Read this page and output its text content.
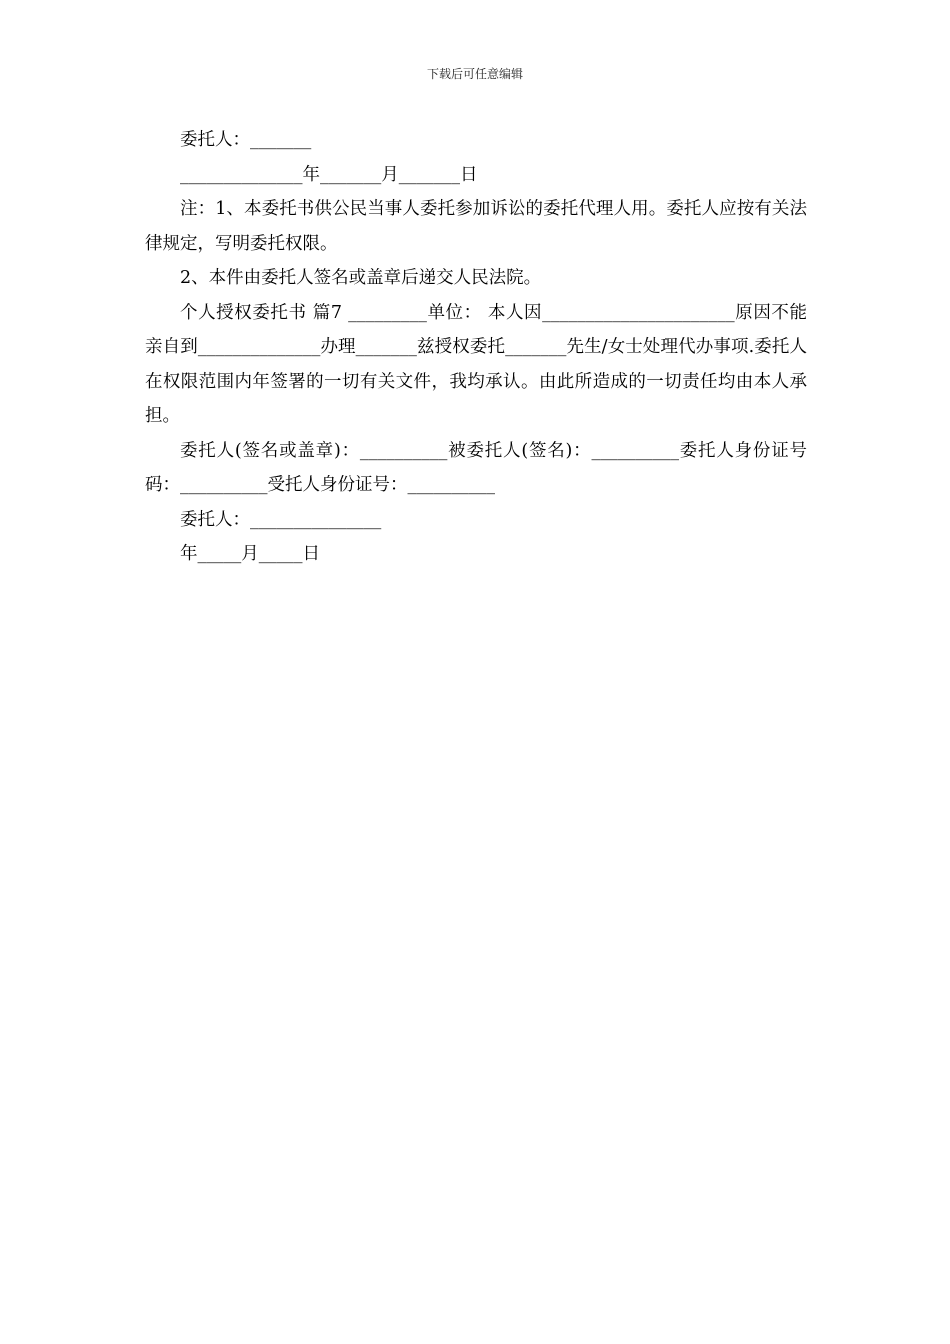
下载后可任意编辑

委托人：_______

______________年_______月_______日

注：1、本委托书供公民当事人委托参加诉讼的委托代理人用。委托人应按有关法律规定，写明委托权限。

2、本件由委托人签名或盖章后递交人民法院。

个人授权委托书 篇7 _________单位： 本人因______________________原因不能亲自到______________办理_______兹授权委托_______先生/女士处理代办事项.委托人在权限范围内年签署的一切有关文件，我均承认。由此所造成的一切责任均由本人承担。

委托人(签名或盖章)：__________被委托人(签名)：__________委托人身份证号码：__________受托人身份证号：__________

委托人：_______________

年_____月_____日
